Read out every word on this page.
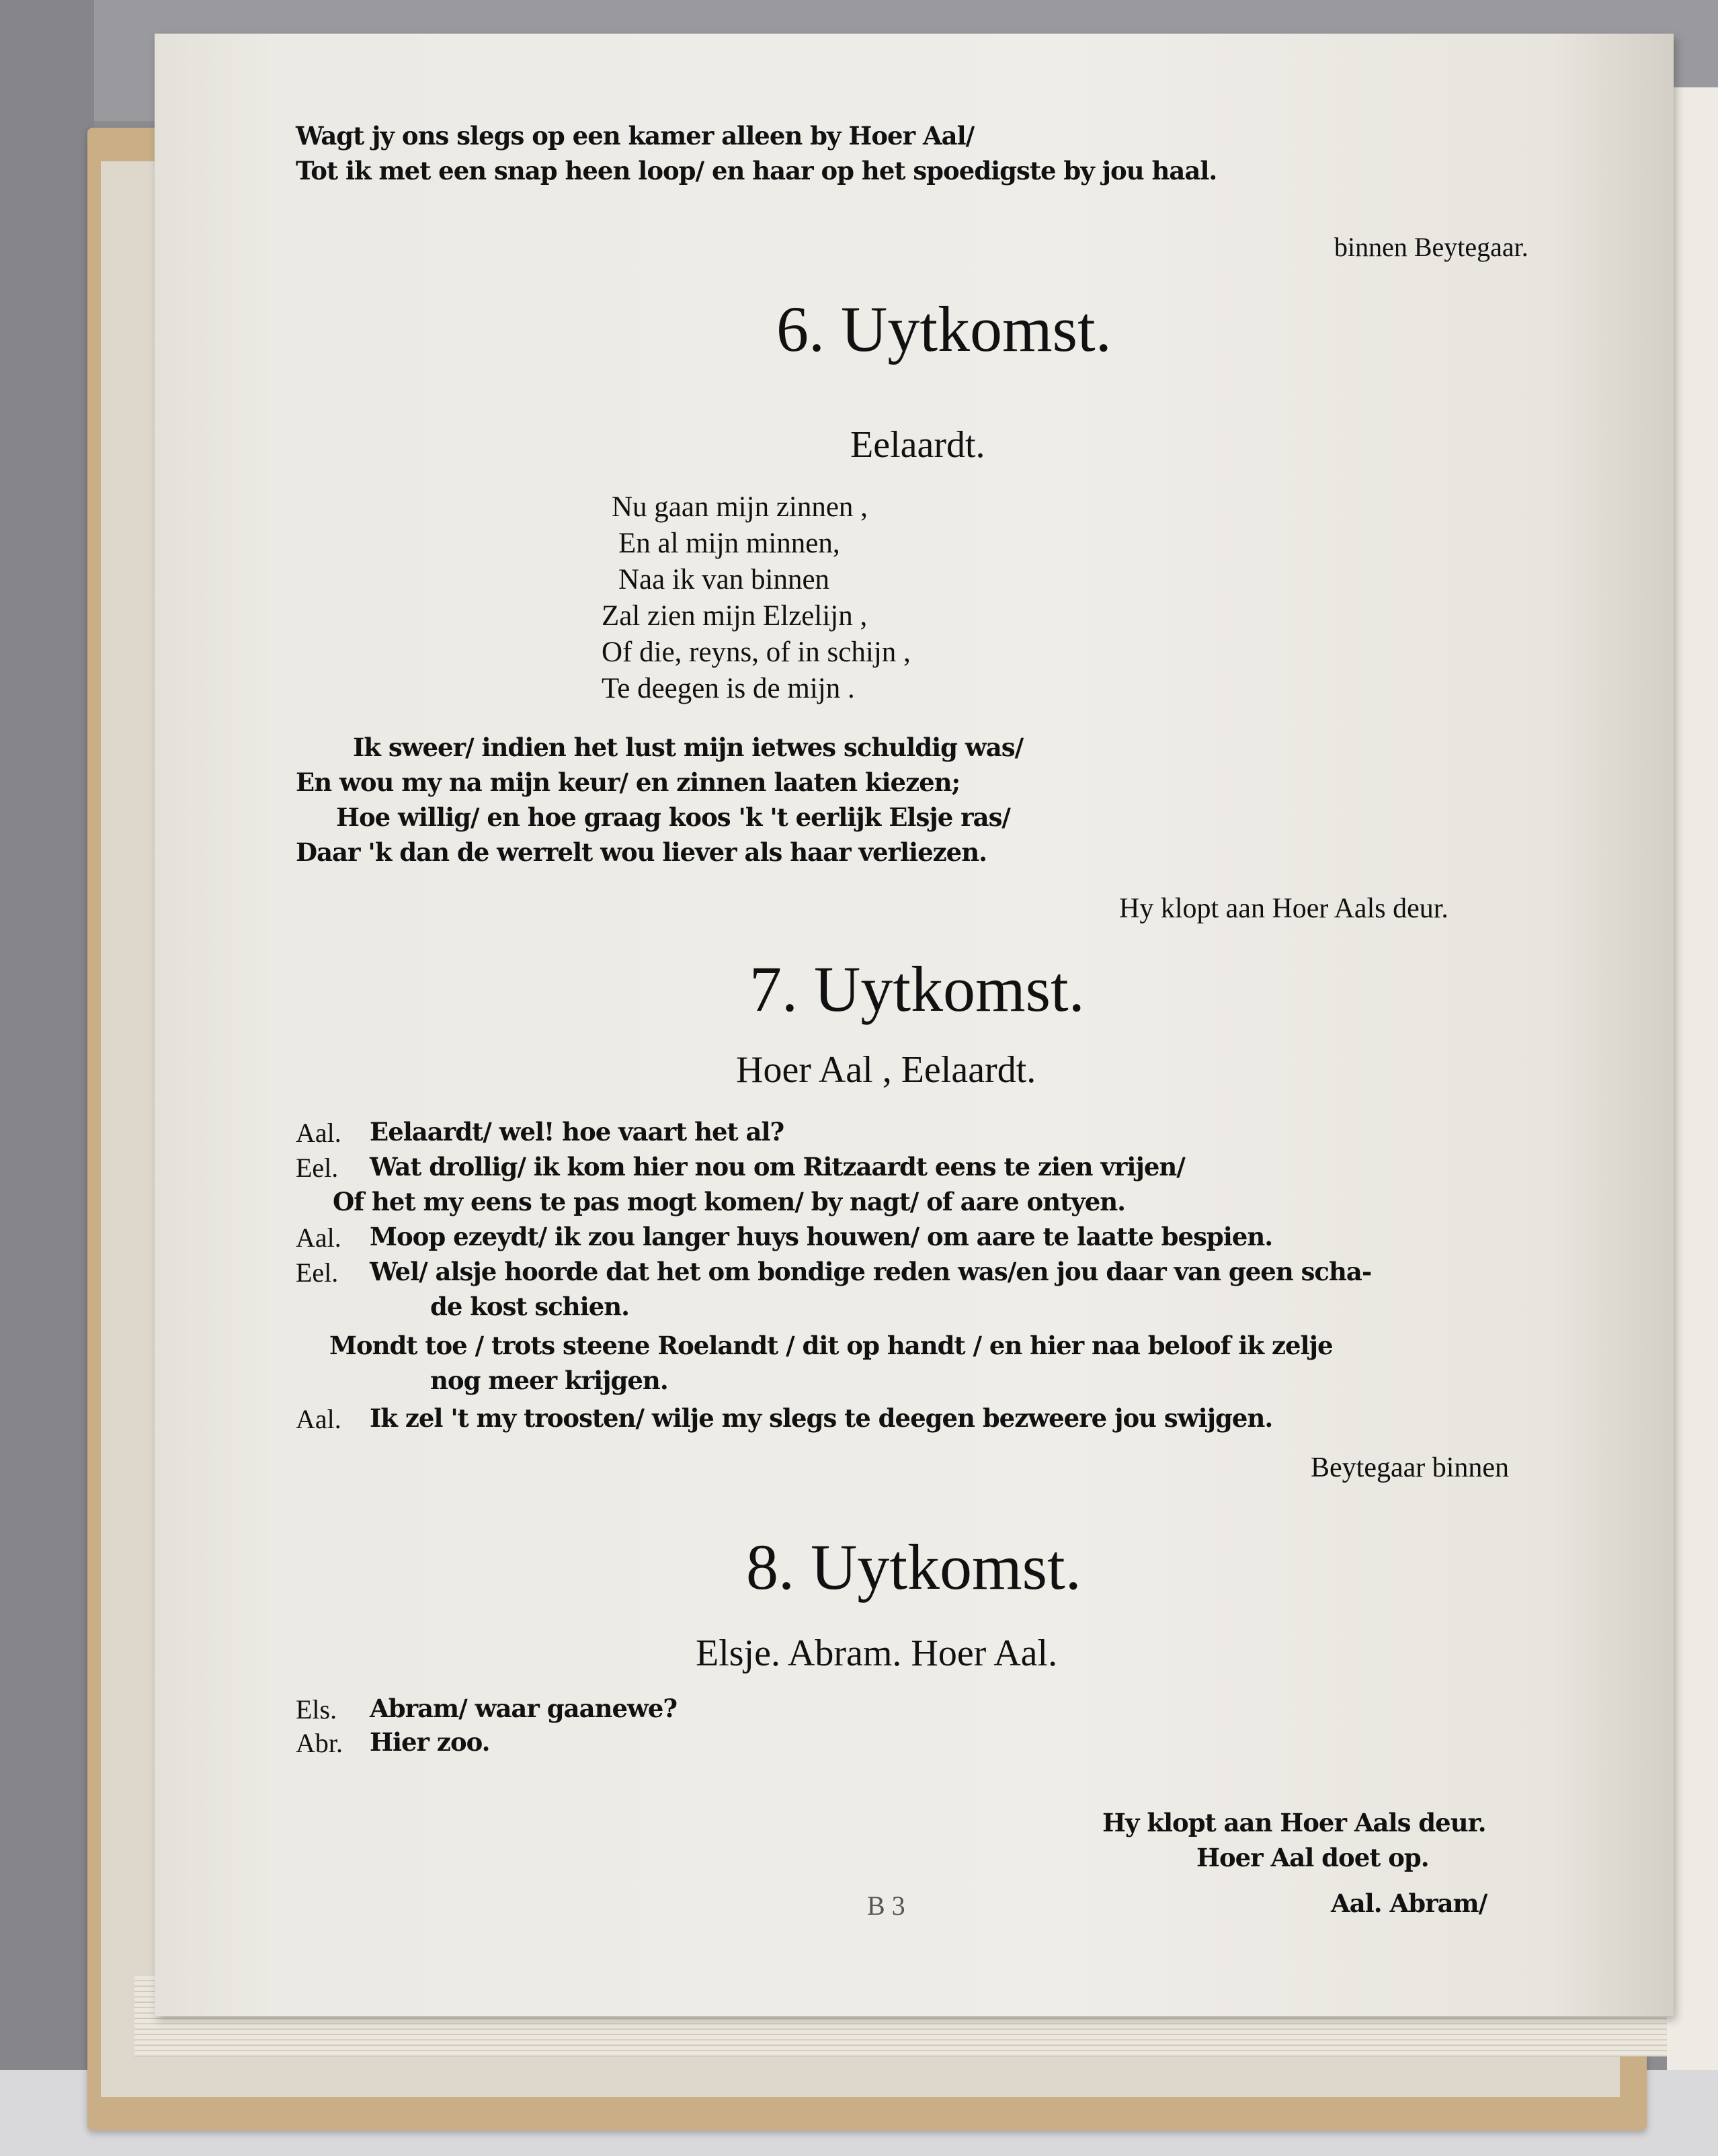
Wagt jy ons slegs op een kamer alleen by Hoer Aal/
Tot ik met een snap heen loop/ en haar op het spoedigste by jou haal.
binnen Beytegaar.
6. Uytkomst.
Eelaardt.
Nu gaan mijn zinnen ,
En al mijn minnen,
Naa ik van binnen
Zal zien mijn Elzelijn ,
Of die, reyns, of in schijn ,
Te deegen is de mijn .
Ik sweer/ indien het lust mijn ietwes schuldig was/
En wou my na mijn keur/ en zinnen laaten kiezen;
Hoe willig/ en hoe graag koos 'k 't eerlijk Elsje ras/
Daar 'k dan de werrelt wou liever als haar verliezen.
Hy klopt aan Hoer Aals deur.
7. Uytkomst.
Hoer Aal , Eelaardt.
Aal. Eelaardt/ wel! hoe vaart het al?
Eel. Wat drollig/ ik kom hier nou om Ritzaardt eens te zien vrijen/
Of het my eens te pas mogt komen/ by nagt/ of aare ontyen.
Aal. Moop ezeydt/ ik zou langer huys houwen/ om aare te laatte bespien.
Eel. Wel/ alsje hoorde dat het om bondige reden was/en jou daar van geen scha-
de kost schien.
Mondt toe / trots steene Roelandt / dit op handt / en hier naa beloof ik zelje
nog meer krijgen.
Aal. Ik zel 't my troosten/ wilje my slegs te deegen bezweere jou swijgen.
Beytegaar binnen
8. Uytkomst.
Elsje. Abram. Hoer Aal.
Els. Abram/ waar gaanewe?
Abr. Hier zoo.
Hy klopt aan Hoer Aals deur.
Hoer Aal doet op.
Aal. Abram/
B 3
